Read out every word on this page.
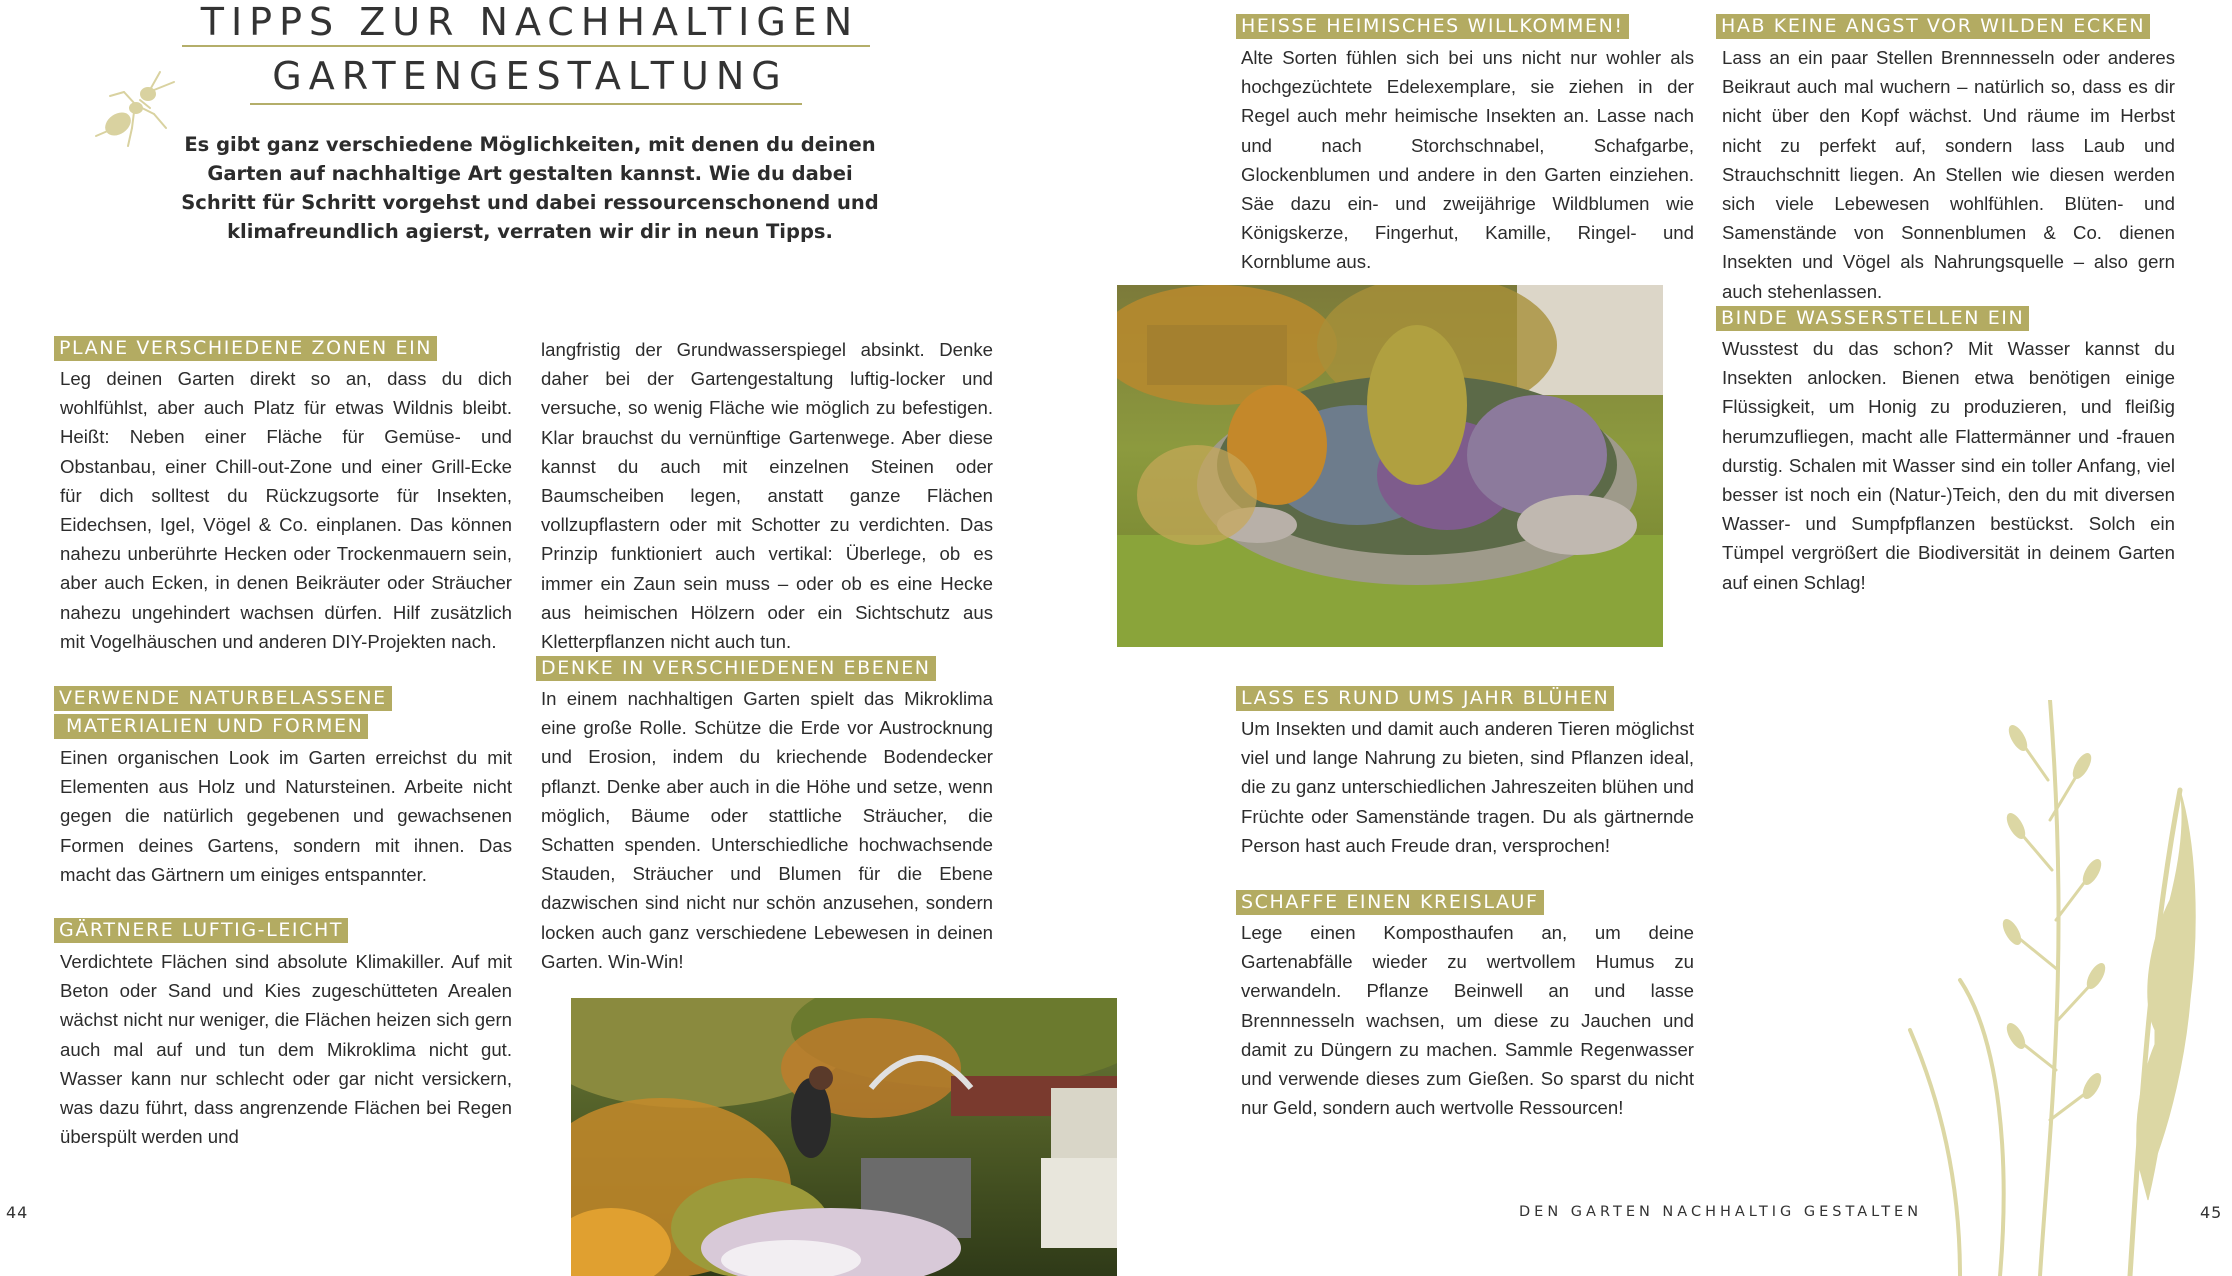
TIPPS ZUR NACHHALTIGEN
GARTENGESTALTUNG
Es gibt ganz verschiedene Möglichkeiten, mit denen du deinen Garten auf nachhaltige Art gestalten kannst. Wie du dabei Schritt für Schritt vorgehst und dabei ressourcenschonend und klimafreundlich agierst, verraten wir dir in neun Tipps.
PLANE VERSCHIEDENE ZONEN EIN
Leg deinen Garten direkt so an, dass du dich wohlfühlst, aber auch Platz für etwas Wildnis bleibt. Heißt: Neben einer Fläche für Gemüse- und Obstanbau, einer Chill-out-Zone und einer Grill-Ecke für dich solltest du Rückzugsorte für Insekten, Eidechsen, Igel, Vögel & Co. einplanen. Das können nahezu unberührte Hecken oder Trockenmauern sein, aber auch Ecken, in denen Beikräuter oder Sträucher nahezu ungehindert wachsen dürfen. Hilf zusätzlich mit Vogelhäuschen und anderen DIY-Projekten nach.
VERWENDE NATURBELASSENE
MATERIALIEN UND FORMEN
Einen organischen Look im Garten erreichst du mit Elementen aus Holz und Natursteinen. Arbeite nicht gegen die natürlich gegebenen und gewachsenen Formen deines Gartens, sondern mit ihnen. Das macht das Gärtnern um einiges entspannter.
GÄRTNERE LUFTIG-LEICHT
Verdichtete Flächen sind absolute Klimakiller. Auf mit Beton oder Sand und Kies zugeschütteten Arealen wächst nicht nur weniger, die Flächen heizen sich gern auch mal auf und tun dem Mikroklima nicht gut. Wasser kann nur schlecht oder gar nicht versickern, was dazu führt, dass angrenzende Flächen bei Regen überspült werden und
langfristig der Grundwasserspiegel absinkt. Denke daher bei der Gartengestaltung luftig-locker und versuche, so wenig Fläche wie möglich zu befestigen. Klar brauchst du vernünftige Gartenwege. Aber diese kannst du auch mit einzelnen Steinen oder Baumscheiben legen, anstatt ganze Flächen vollzupflastern oder mit Schotter zu verdichten. Das Prinzip funktioniert auch vertikal: Überlege, ob es immer ein Zaun sein muss – oder ob es eine Hecke aus heimischen Hölzern oder ein Sichtschutz aus Kletterpflanzen nicht auch tun.
DENKE IN VERSCHIEDENEN EBENEN
In einem nachhaltigen Garten spielt das Mikroklima eine große Rolle. Schütze die Erde vor Austrocknung und Erosion, indem du kriechende Bodendecker pflanzt. Denke aber auch in die Höhe und setze, wenn möglich, Bäume oder stattliche Sträucher, die Schatten spenden. Unterschiedliche hochwachsende Stauden, Sträucher und Blumen für die Ebene dazwischen sind nicht nur schön anzusehen, sondern locken auch ganz verschiedene Lebewesen in deinen Garten. Win-Win!
HEISSE HEIMISCHES WILLKOMMEN!
Alte Sorten fühlen sich bei uns nicht nur wohler als hochgezüchtete Edelexemplare, sie ziehen in der Regel auch mehr heimische Insekten an. Lasse nach und nach Storchschnabel, Schafgarbe, Glockenblumen und andere in den Garten einziehen. Säe dazu ein- und zweijährige Wildblumen wie Königskerze, Fingerhut, Kamille, Ringel- und Kornblume aus.
LASS ES RUND UMS JAHR BLÜHEN
Um Insekten und damit auch anderen Tieren möglichst viel und lange Nahrung zu bieten, sind Pflanzen ideal, die zu ganz unterschiedlichen Jahreszeiten blühen und Früchte oder Samenstände tragen. Du als gärtnernde Person hast auch Freude dran, versprochen!
SCHAFFE EINEN KREISLAUF
Lege einen Komposthaufen an, um deine Gartenabfälle wieder zu wertvollem Humus zu verwandeln. Pflanze Beinwell an und lasse Brennnesseln wachsen, um diese zu Jauchen und damit zu Düngern zu machen. Sammle Regenwasser und verwende dieses zum Gießen. So sparst du nicht nur Geld, sondern auch wertvolle Ressourcen!
HAB KEINE ANGST VOR WILDEN ECKEN
Lass an ein paar Stellen Brennnesseln oder anderes Beikraut auch mal wuchern – natürlich so, dass es dir nicht über den Kopf wächst. Und räume im Herbst nicht zu perfekt auf, sondern lass Laub und Strauchschnitt liegen. An Stellen wie diesen werden sich viele Lebewesen wohlfühlen. Blüten- und Samenstände von Sonnenblumen & Co. dienen Insekten und Vögel als Nahrungsquelle – also gern auch stehenlassen.
BINDE WASSERSTELLEN EIN
Wusstest du das schon? Mit Wasser kannst du Insekten anlocken. Bienen etwa benötigen einige Flüssigkeit, um Honig zu produzieren, und fleißig herumzufliegen, macht alle Flattermänner und -frauen durstig. Schalen mit Wasser sind ein toller Anfang, viel besser ist noch ein (Natur-)Teich, den du mit diversen Wasser- und Sumpfpflanzen bestückst. Solch ein Tümpel vergrößert die Biodiversität in deinem Garten auf einen Schlag!
44	DEN GARTEN NACHHALTIG GESTALTEN	45
